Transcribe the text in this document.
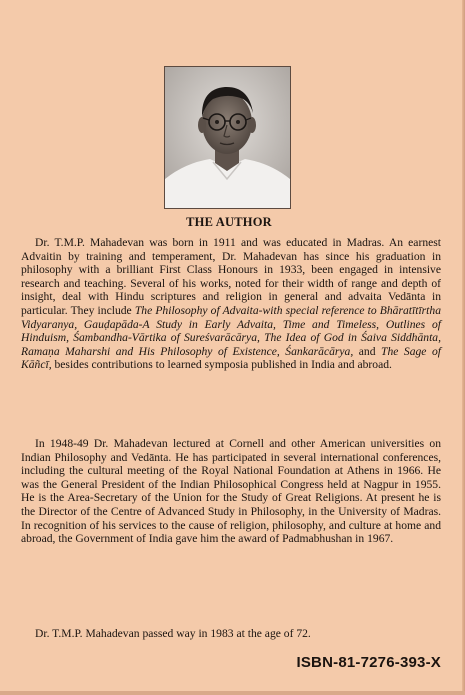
THE AUTHOR

Dr. T.M.P. Mahadevan was born in 1911 and was educated in Madras. An earnest Advaitin by training and temperament, Dr. Mahadevan has since his graduation in philosophy with a brilliant First Class Honours in 1933, been engaged in intensive research and teaching. Several of his works, noted for their width of range and depth of insight, deal with Hindu scriptures and religion in general and advaita Vedānta in particular. They include The Philosophy of Advaita-with special reference to Bhāratītīrtha Vidyaranya, Gauḍapāda-A Study in Early Advaita, Time and Timeless, Outlines of Hinduism, Śambandha-Vārtika of Sureśvarācārya, The Idea of God in Śaiva Siddhānta, Ramaṇa Maharshi and His Philosophy of Existence, Śankarācārya, and The Sage of Kāñcī, besides contributions to learned symposia published in India and abroad.

In 1948-49 Dr. Mahadevan lectured at Cornell and other American universities on Indian Philosophy and Vedānta. He has participated in several international conferences, including the cultural meeting of the Royal National Foundation at Athens in 1966. He was the General President of the Indian Philosophical Congress held at Nagpur in 1955. He is the Area-Secretary of the Union for the Study of Great Religions. At present he is the Director of the Centre of Advanced Study in Philosophy, in the University of Madras. In recognition of his services to the cause of religion, philosophy, and culture at home and abroad, the Government of India gave him the award of Padmabhushan in 1967.

Dr. T.M.P. Mahadevan passed way in 1983 at the age of 72.

ISBN-81-7276-393-X
